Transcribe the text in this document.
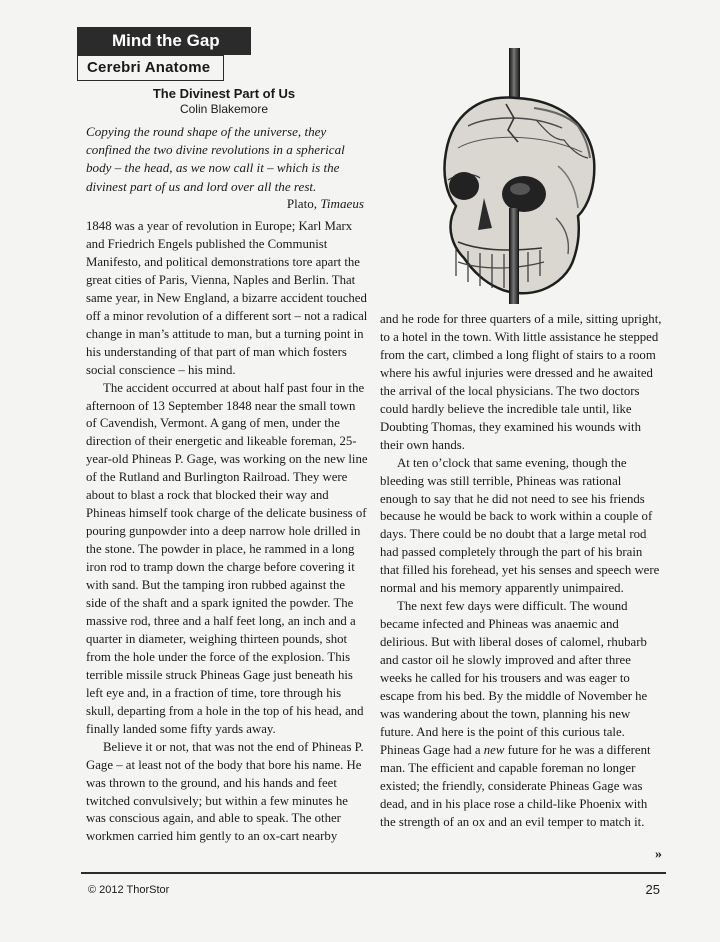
Mind the Gap
Cerebri Anatome
The Divinest Part of Us
Colin Blakemore
Copying the round shape of the universe, they confined the two divine revolutions in a spherical body – the head, as we now call it – which is the divinest part of us and lord over all the rest.
Plato, Timaeus

1848 was a year of revolution in Europe; Karl Marx and Friedrich Engels published the Communist Manifesto, and political demonstrations tore apart the great cities of Paris, Vienna, Naples and Berlin. That same year, in New England, a bizarre accident touched off a minor revolution of a different sort – not a radical change in man’s attitude to man, but a turning point in his understanding of that part of man which fosters social conscience – his mind.

The accident occurred at about half past four in the afternoon of 13 September 1848 near the small town of Cavendish, Vermont. A gang of men, under the direction of their energetic and likeable foreman, 25-year-old Phineas P. Gage, was working on the new line of the Rutland and Burlington Railroad. They were about to blast a rock that blocked their way and Phineas himself took charge of the delicate business of pouring gunpowder into a deep narrow hole drilled in the stone. The powder in place, he rammed in a long iron rod to tramp down the charge before covering it with sand. But the tamping iron rubbed against the side of the shaft and a spark ignited the powder. The massive rod, three and a half feet long, an inch and a quarter in diameter, weighing thirteen pounds, shot from the hole under the force of the explosion. This terrible missile struck Phineas Gage just beneath his left eye and, in a fraction of time, tore through his skull, departing from a hole in the top of his head, and finally landed some fifty yards away.

Believe it or not, that was not the end of Phineas P. Gage – at least not of the body that bore his name. He was thrown to the ground, and his hands and feet twitched convulsively; but within a few minutes he was conscious again, and able to speak. The other workmen carried him gently to an ox-cart nearby

and he rode for three quarters of a mile, sitting upright, to a hotel in the town. With little assistance he stepped from the cart, climbed a long flight of stairs to a room where his awful injuries were dressed and he awaited the arrival of the local physicians. The two doctors could hardly believe the incredible tale until, like Doubting Thomas, they examined his wounds with their own hands.

At ten o’clock that same evening, though the bleeding was still terrible, Phineas was rational enough to say that he did not need to see his friends because he would be back to work within a couple of days. There could be no doubt that a large metal rod had passed completely through the part of his brain that filled his forehead, yet his senses and speech were normal and his memory apparently unimpaired.

The next few days were difficult. The wound became infected and Phineas was anaemic and delirious. But with liberal doses of calomel, rhubarb and castor oil he slowly improved and after three weeks he called for his trousers and was eager to escape from his bed. By the middle of November he was wandering about the town, planning his new future. And here is the point of this curious tale. Phineas Gage had a new future for he was a different man. The efficient and capable foreman no longer existed; the friendly, considerate Phineas Gage was dead, and in his place rose a child-like Phoenix with the strength of an ox and an evil temper to match it.

»
© 2012 ThorStor	25
